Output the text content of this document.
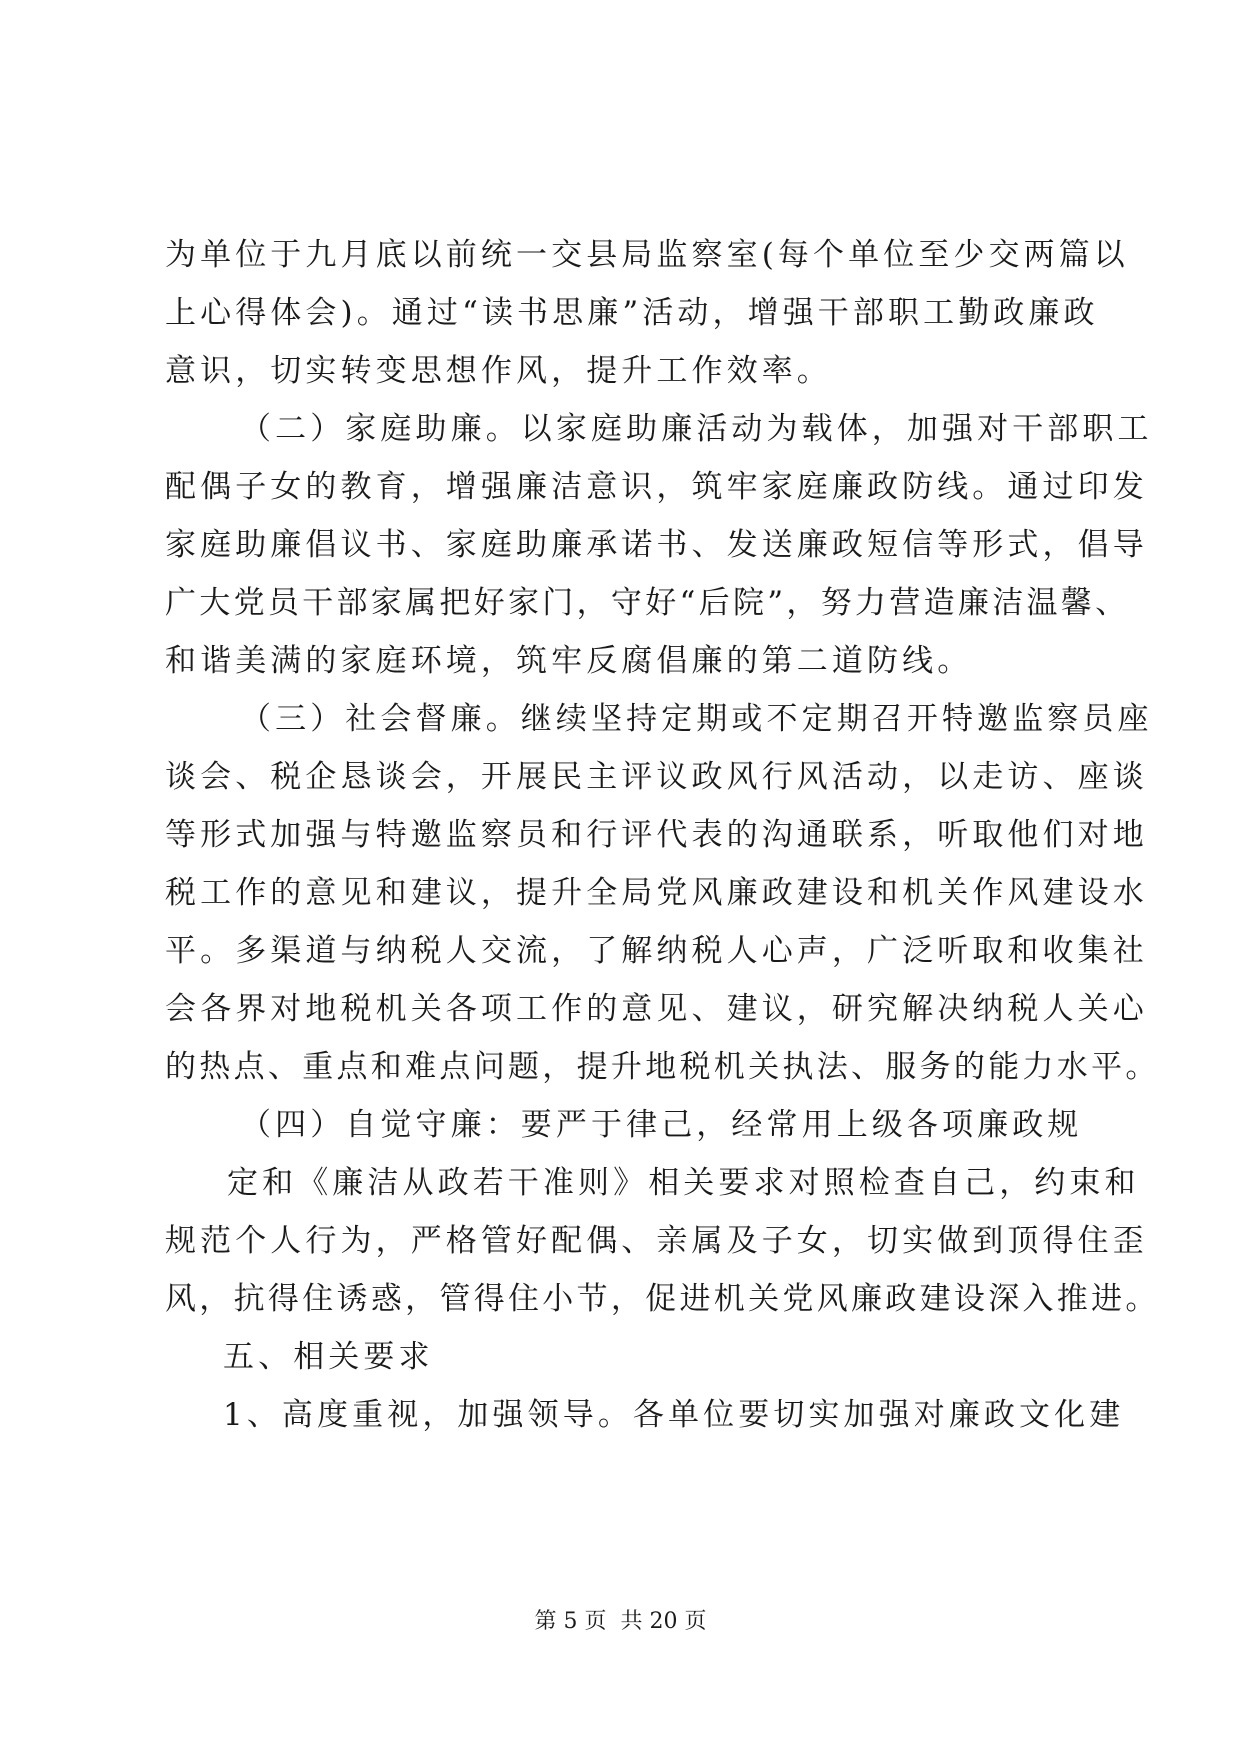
为单位于九月底以前统一交县局监察室(每个单位至少交两篇以
上心得体会)。通过“读书思廉”活动，增强干部职工勤政廉政
意识，切实转变思想作风，提升工作效率。
（二）家庭助廉。以家庭助廉活动为载体，加强对干部职工
配偶子女的教育，增强廉洁意识，筑牢家庭廉政防线。通过印发
家庭助廉倡议书、家庭助廉承诺书、发送廉政短信等形式，倡导
广大党员干部家属把好家门，守好“后院”，努力营造廉洁温馨、
和谐美满的家庭环境，筑牢反腐倡廉的第二道防线。
（三）社会督廉。继续坚持定期或不定期召开特邀监察员座
谈会、税企恳谈会，开展民主评议政风行风活动，以走访、座谈
等形式加强与特邀监察员和行评代表的沟通联系，听取他们对地
税工作的意见和建议，提升全局党风廉政建设和机关作风建设水
平。多渠道与纳税人交流，了解纳税人心声，广泛听取和收集社
会各界对地税机关各项工作的意见、建议，研究解决纳税人关心
的热点、重点和难点问题，提升地税机关执法、服务的能力水平。
（四）自觉守廉：要严于律己，经常用上级各项廉政规
定和《廉洁从政若干准则》相关要求对照检查自己，约束和
规范个人行为，严格管好配偶、亲属及子女，切实做到顶得住歪
风，抗得住诱惑，管得住小节，促进机关党风廉政建设深入推进。
五、相关要求
1、高度重视，加强领导。各单位要切实加强对廉政文化建
第 5 页  共 20 页
